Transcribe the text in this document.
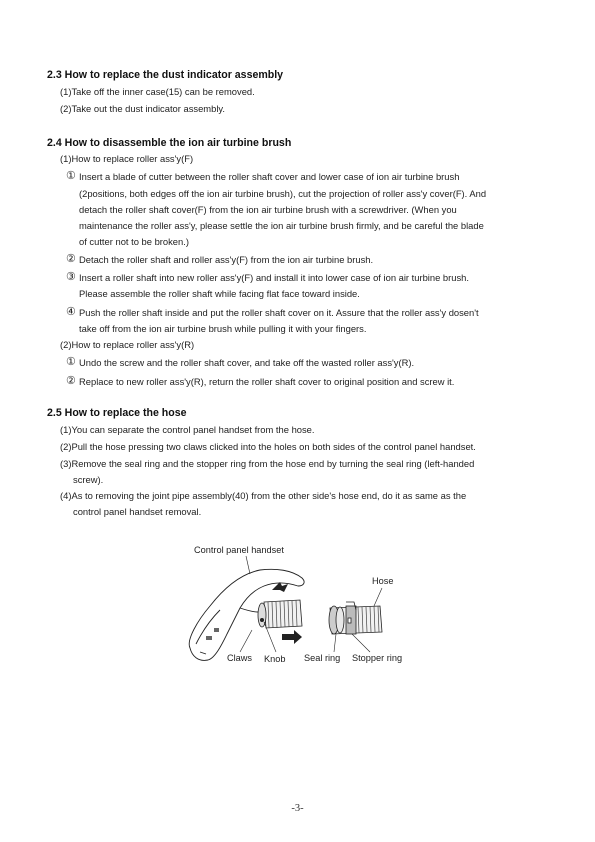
2.3 How to replace the dust indicator assembly
(1)Take off the inner case(15) can be removed.
(2)Take out the dust indicator assembly.
2.4 How to disassemble the ion air turbine brush
(1)How to replace roller ass'y(F)
① Insert a blade of cutter between the roller shaft cover and lower case of ion air turbine brush
(2positions, both edges off the ion air turbine brush), cut the projection of roller ass'y cover(F). And
detach the roller shaft cover(F) from the ion air turbine brush with a screwdriver. (When you
maintenance the roller ass'y, please settle the ion air turbine brush firmly, and be careful the blade
of cutter not to be broken.)
② Detach the roller shaft and roller ass'y(F) from the ion air turbine brush.
③ Insert a roller shaft into new roller ass'y(F) and install it into lower case of ion air turbine brush.
Please assemble the roller shaft while facing flat face toward inside.
④ Push the roller shaft inside and put the roller shaft cover on it. Assure that the roller ass'y dosen't
take off from the ion air turbine brush while pulling it with your fingers.
(2)How to replace roller ass'y(R)
① Undo the screw and the roller shaft cover, and take off the wasted roller ass'y(R).
② Replace to new roller ass'y(R), return the roller shaft cover to original position and screw it.
2.5 How to replace the hose
(1)You can separate the control panel handset from the hose.
(2)Pull the hose pressing two claws clicked into the holes on both sides of the control panel handset.
(3)Remove the seal ring and the stopper ring from the hose end by turning the seal ring (left-handed
screw).
(4)As to removing the joint pipe assembly(40) from the other side's hose end, do it as same as the
control panel handset removal.
Control panel handset
Hose
Claws Knob Seal ring Stopper ring
-3-
